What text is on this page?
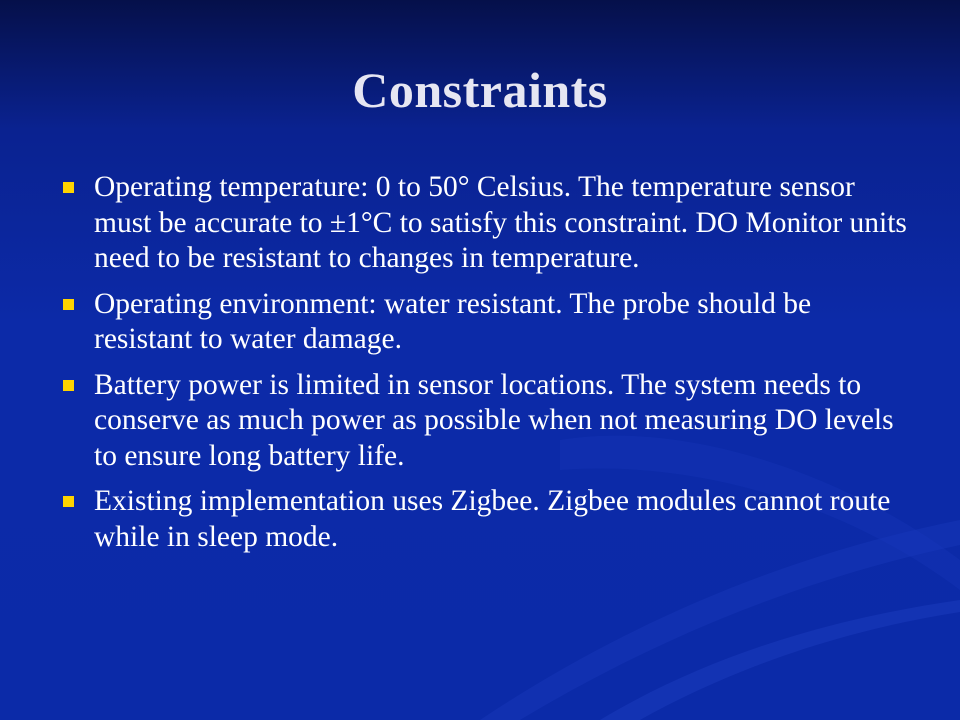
Constraints
Operating temperature: 0 to 50° Celsius. The temperature sensor must be accurate to ±1°C to satisfy this constraint. DO Monitor units need to be resistant to changes in temperature.
Operating environment: water resistant. The probe should be resistant to water damage.
Battery power is limited in sensor locations. The system needs to conserve as much power as possible when not measuring DO levels to ensure long battery life.
Existing implementation uses Zigbee. Zigbee modules cannot route while in sleep mode.
